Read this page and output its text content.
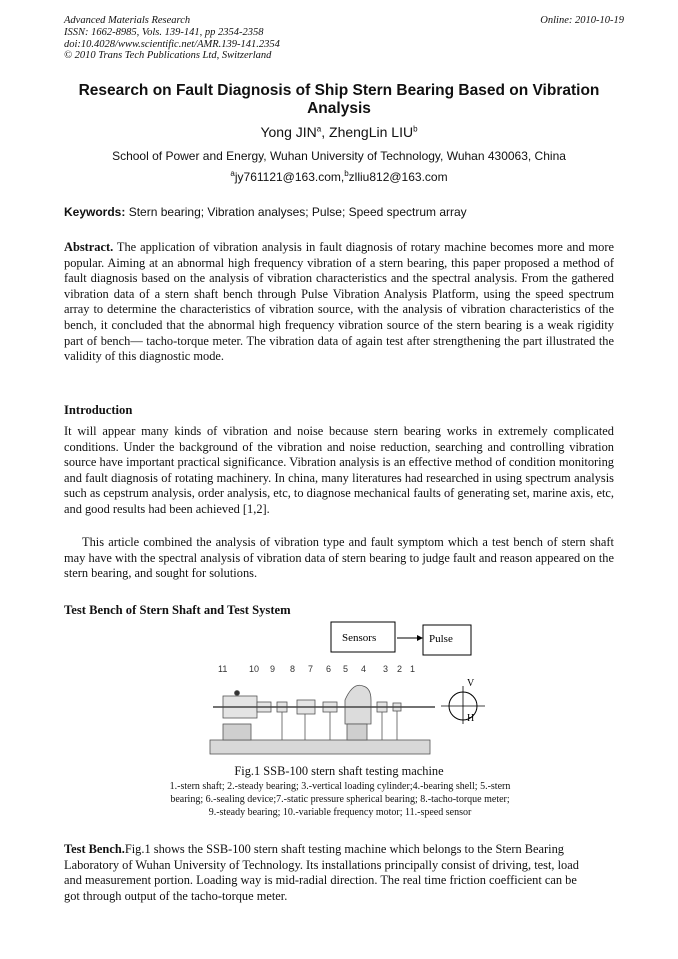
Advanced Materials Research
ISSN: 1662-8985, Vols. 139-141, pp 2354-2358
doi:10.4028/www.scientific.net/AMR.139-141.2354
© 2010 Trans Tech Publications Ltd, Switzerland
Online: 2010-10-19
Research on Fault Diagnosis of Ship Stern Bearing Based on Vibration
Analysis
Yong JIN$^a$, ZhengLin LIU$^b$
School of Power and Energy, Wuhan University of Technology, Wuhan 430063, China
$^a$jy761121@163.com,$^b$zlliu812@163.com
Keywords: Stern bearing; Vibration analyses; Pulse; Speed spectrum array
Abstract. The application of vibration analysis in fault diagnosis of rotary machine becomes more and more popular. Aiming at an abnormal high frequency vibration of a stern bearing, this paper proposed a method of fault diagnosis based on the analysis of vibration characteristics and the spectral analysis. From the gathered vibration data of a stern shaft bench through Pulse Vibration Analysis Platform, using the speed spectrum array to determine the characteristics of vibration source, with the analysis of vibration characteristics of the bench, it concluded that the abnormal high frequency vibration source of the stern bearing is a weak rigidity part of bench— tacho-torque meter. The vibration data of again test after strengthening the part illustrated the validity of this diagnostic mode.
Introduction
It will appear many kinds of vibration and noise because stern bearing works in extremely complicated conditions. Under the background of the vibration and noise reduction, searching and controlling vibration source have important practical significance. Vibration analysis is an effective method of condition monitoring and fault diagnosis of rotating machinery. In china, many literatures had researched in using spectrum analysis such as cepstrum analysis, order analysis, etc, to diagnose mechanical faults of generating set, marine axis, etc, and good results had been achieved [1,2].
This article combined the analysis of vibration type and fault symptom which a test bench of stern shaft may have with the spectral analysis of vibration data of stern bearing to judge fault and reason appeared on the stern bearing, and sought for solutions.
Test Bench of Stern Shaft and Test System
Sensors	Pulse
11 10 9 8 7 6 5 4 3 2 1
V
H
Fig.1 SSB-100 stern shaft testing machine
1.-stern shaft; 2.-steady bearing; 3.-vertical loading cylinder;4.-bearing shell; 5.-stern
bearing; 6.-sealing device;7.-static pressure spherical bearing; 8.-tacho-torque meter;
9.-steady bearing; 10.-variable frequency motor; 11.-speed sensor
Test Bench.Fig.1 shows the SSB-100 stern shaft testing machine which belongs to the Stern Bearing Laboratory of Wuhan University of Technology. Its installations principally consist of driving, test, load and measurement portion. Loading way is mid-radial direction. The real time friction coefficient can be got through output of the tacho-torque meter.
